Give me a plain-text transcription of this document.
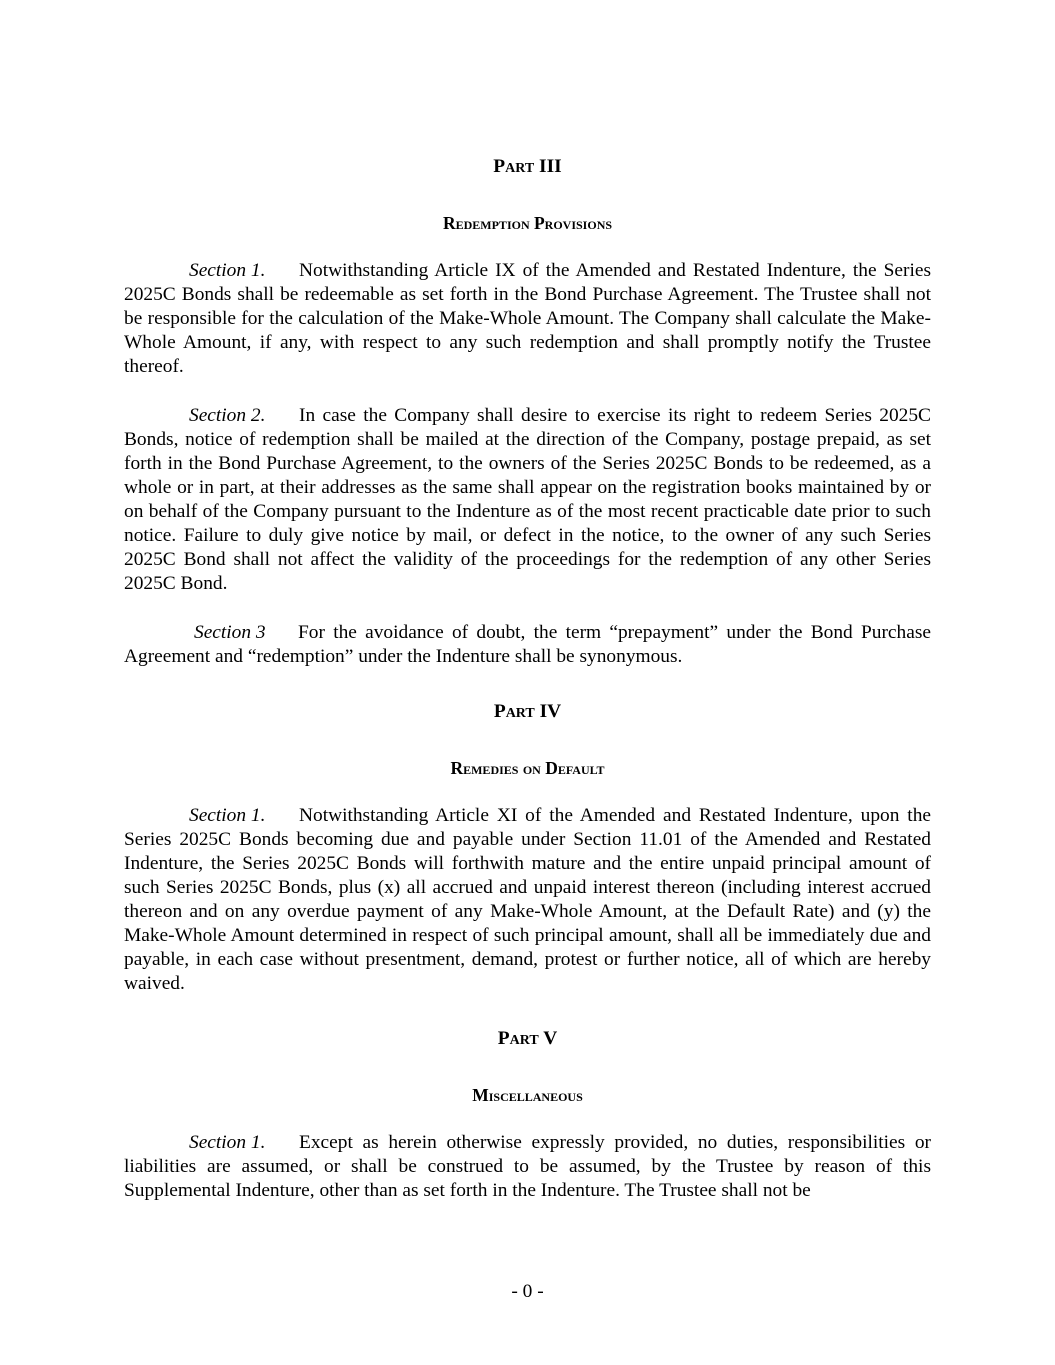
Part III
Redemption Provisions

Section 1. Notwithstanding Article IX of the Amended and Restated Indenture, the Series 2025C Bonds shall be redeemable as set forth in the Bond Purchase Agreement. The Trustee shall not be responsible for the calculation of the Make-Whole Amount. The Company shall calculate the Make-Whole Amount, if any, with respect to any such redemption and shall promptly notify the Trustee thereof.

Section 2. In case the Company shall desire to exercise its right to redeem Series 2025C Bonds, notice of redemption shall be mailed at the direction of the Company, postage prepaid, as set forth in the Bond Purchase Agreement, to the owners of the Series 2025C Bonds to be redeemed, as a whole or in part, at their addresses as the same shall appear on the registration books maintained by or on behalf of the Company pursuant to the Indenture as of the most recent practicable date prior to such notice. Failure to duly give notice by mail, or defect in the notice, to the owner of any such Series 2025C Bond shall not affect the validity of the proceedings for the redemption of any other Series 2025C Bond.

Section 3 For the avoidance of doubt, the term “prepayment” under the Bond Purchase Agreement and “redemption” under the Indenture shall be synonymous.

Part IV
Remedies on Default

Section 1. Notwithstanding Article XI of the Amended and Restated Indenture, upon the Series 2025C Bonds becoming due and payable under Section 11.01 of the Amended and Restated Indenture, the Series 2025C Bonds will forthwith mature and the entire unpaid principal amount of such Series 2025C Bonds, plus (x) all accrued and unpaid interest thereon (including interest accrued thereon and on any overdue payment of any Make-Whole Amount, at the Default Rate) and (y) the Make-Whole Amount determined in respect of such principal amount, shall all be immediately due and payable, in each case without presentment, demand, protest or further notice, all of which are hereby waived.

Part V
Miscellaneous

Section 1. Except as herein otherwise expressly provided, no duties, responsibilities or liabilities are assumed, or shall be construed to be assumed, by the Trustee by reason of this Supplemental Indenture, other than as set forth in the Indenture. The Trustee shall not be

- 0 -
